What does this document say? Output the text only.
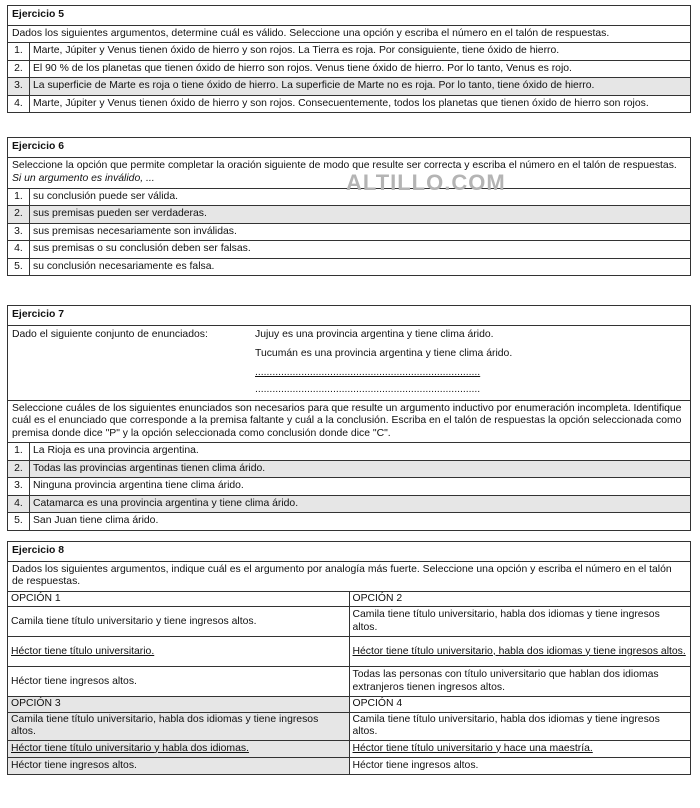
Ejercicio 5
Dados los siguientes argumentos, determine cuál es válido. Seleccione una opción y escriba el número en el talón de respuestas.
1. Marte, Júpiter y Venus tienen óxido de hierro y son rojos. La Tierra es roja. Por consiguiente, tiene óxido de hierro.
2. El 90 % de los planetas que tienen óxido de hierro son rojos. Venus tiene óxido de hierro. Por lo tanto, Venus es rojo.
3. La superficie de Marte es roja o tiene óxido de hierro. La superficie de Marte no es roja. Por lo tanto, tiene óxido de hierro.
4. Marte, Júpiter y Venus tienen óxido de hierro y son rojos. Consecuentemente, todos los planetas que tienen óxido de hierro son rojos.
Ejercicio 6
Seleccione la opción que permite completar la oración siguiente de modo que resulte ser correcta y escriba el número en el talón de respuestas.
Si un argumento es inválido, ...
1. su conclusión puede ser válida.
2. sus premisas pueden ser verdaderas.
3. sus premisas necesariamente son inválidas.
4. sus premisas o su conclusión deben ser falsas.
5. su conclusión necesariamente es falsa.
ALTILLO.COM
Ejercicio 7
Dado el siguiente conjunto de enunciados:	Jujuy es una provincia argentina y tiene clima árido.
Tucumán es una provincia argentina y tiene clima árido.
..............................................................................
..............................................................................
Seleccione cuáles de los siguientes enunciados son necesarios para que resulte un argumento inductivo por enumeración incompleta. Identifique cuál es el enunciado que corresponde a la premisa faltante y cuál a la conclusión. Escriba en el talón de respuestas la opción seleccionada como premisa donde dice "P" y la opción seleccionada como conclusión donde dice "C".
1. La Rioja es una provincia argentina.
2. Todas las provincias argentinas tienen clima árido.
3. Ninguna provincia argentina tiene clima árido.
4. Catamarca es una provincia argentina y tiene clima árido.
5. San Juan tiene clima árido.
Ejercicio 8
Dados los siguientes argumentos, indique cuál es el argumento por analogía más fuerte. Seleccione una opción y escriba el número en el talón de respuestas.
OPCIÓN 1	OPCIÓN 2
Camila tiene título universitario y tiene ingresos altos.	Camila tiene título universitario, habla dos idiomas y tiene ingresos altos.
Héctor tiene título universitario.	Héctor tiene título universitario, habla dos idiomas y tiene ingresos altos.
Héctor tiene ingresos altos.	Todas las personas con título universitario que hablan dos idiomas extranjeros tienen ingresos altos.
OPCIÓN 3	OPCIÓN 4
Camila tiene título universitario, habla dos idiomas y tiene ingresos altos.	Camila tiene título universitario, habla dos idiomas y tiene ingresos altos.
Héctor tiene título universitario y habla dos idiomas.	Héctor tiene título universitario y hace una maestría.
Héctor tiene ingresos altos.	Héctor tiene ingresos altos.
